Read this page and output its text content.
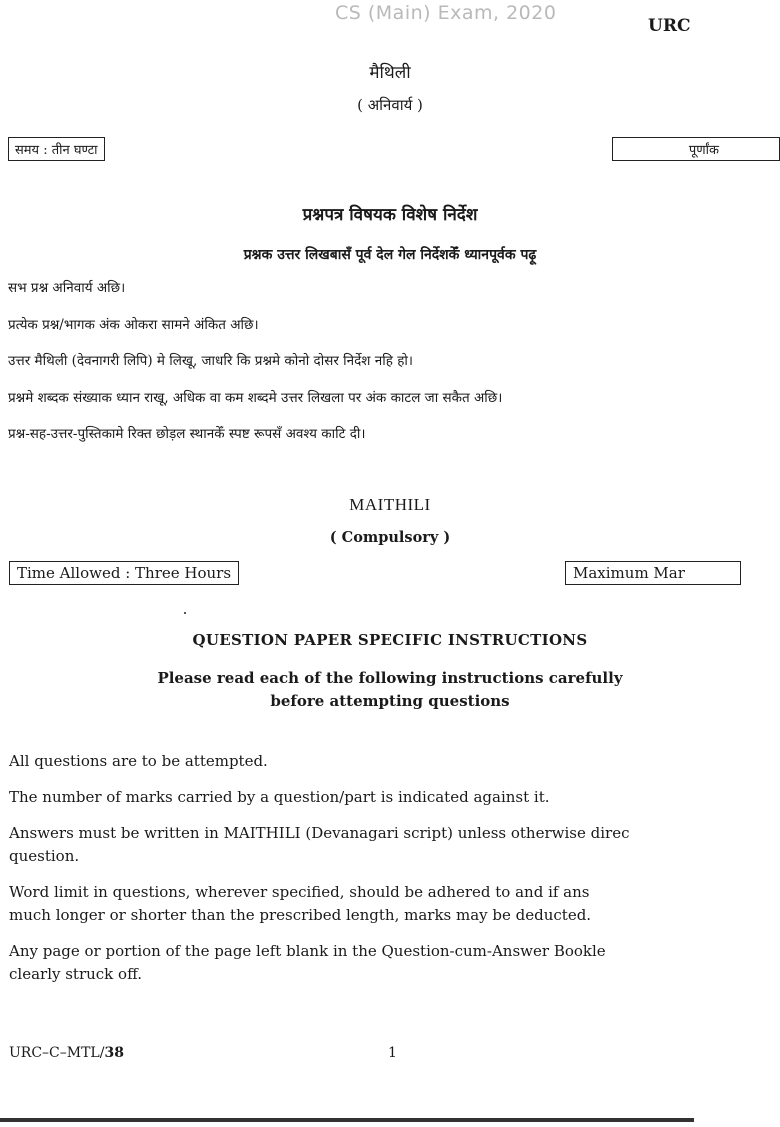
CS (Main) Exam, 2020
URC
मैथिली
( अनिवार्य )
समय : तीन घण्टा	पूर्णांक
प्रश्नपत्र विषयक विशेष निर्देश
प्रश्नक उत्तर लिखबासँ पूर्व देल गेल निर्देशकेँ ध्यानपूर्वक पढ़ू
सभ प्रश्न अनिवार्य अछि।
प्रत्येक प्रश्न/भागक अंक ओकरा सामने अंकित अछि।
उत्तर मैथिली (देवनागरी लिपि) मे लिखू, जाधरि कि प्रश्नमे कोनो दोसर निर्देश नहि हो।
प्रश्नमे शब्दक संख्याक ध्यान राखू, अधिक वा कम शब्दमे उत्तर लिखला पर अंक काटल जा सकैत अछि।
प्रश्न-सह-उत्तर-पुस्तिकामे रिक्त छोड़ल स्थानकेँ स्पष्ट रूपसँ अवश्य काटि दी।
MAITHILI
( Compulsory )
Time Allowed : Three Hours	Maximum Mar
QUESTION PAPER SPECIFIC INSTRUCTIONS
Please read each of the following instructions carefully
before attempting questions
All questions are to be attempted.
The number of marks carried by a question/part is indicated against it.
Answers must be written in MAITHILI (Devanagari script) unless otherwise direc
question.
Word limit in questions, wherever specified, should be adhered to and if ans
much longer or shorter than the prescribed length, marks may be deducted.
Any page or portion of the page left blank in the Question-cum-Answer Bookle
clearly struck off.
URC–C–MTL/38	1
